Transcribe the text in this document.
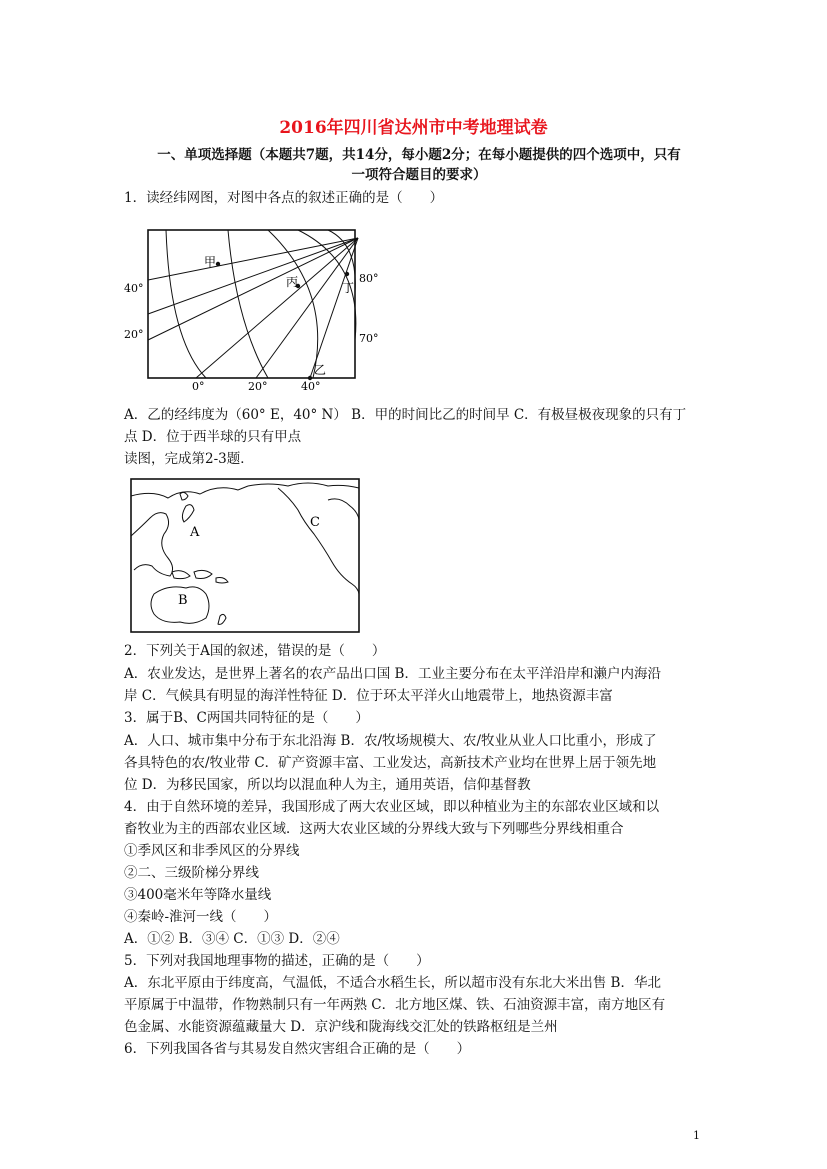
2016年四川省达州市中考地理试卷
一、单项选择题（本题共7题，共14分，每小题2分；在每小题提供的四个选项中，只有
一项符合题目的要求）
1．读经纬网图，对图中各点的叙述正确的是（　　）
甲
丙	丁
乙
40°
20°
80°
70°
0°	20°	40°
A．乙的经纬度为（60° E，40° N） B．甲的时间比乙的时间早 C．有极昼极夜现象的只有丁
点 D．位于西半球的只有甲点
读图，完成第2-3题．
A
B
C
2．下列关于A国的叙述，错误的是（　　）
A．农业发达，是世界上著名的农产品出口国 B．工业主要分布在太平洋沿岸和濑户内海沿
岸 C．气候具有明显的海洋性特征 D．位于环太平洋火山地震带上，地热资源丰富
3．属于B、C两国共同特征的是（　　）
A．人口、城市集中分布于东北沿海 B．农/牧场规模大、农/牧业从业人口比重小，形成了
各具特色的农/牧业带 C．矿产资源丰富、工业发达，高新技术产业均在世界上居于领先地
位 D．为移民国家，所以均以混血种人为主，通用英语，信仰基督教
4．由于自然环境的差异，我国形成了两大农业区域，即以种植业为主的东部农业区域和以
畜牧业为主的西部农业区域．这两大农业区域的分界线大致与下列哪些分界线相重合
①季风区和非季风区的分界线
②二、三级阶梯分界线
③400毫米年等降水量线
④秦岭-淮河一线（　　）
A．①② B．③④ C．①③ D．②④
5．下列对我国地理事物的描述，正确的是（　　）
A．东北平原由于纬度高，气温低，不适合水稻生长，所以超市没有东北大米出售 B．华北
平原属于中温带，作物熟制只有一年两熟 C．北方地区煤、铁、石油资源丰富，南方地区有
色金属、水能资源蕴藏量大 D．京沪线和陇海线交汇处的铁路枢纽是兰州
6．下列我国各省与其易发自然灾害组合正确的是（　　）
1
